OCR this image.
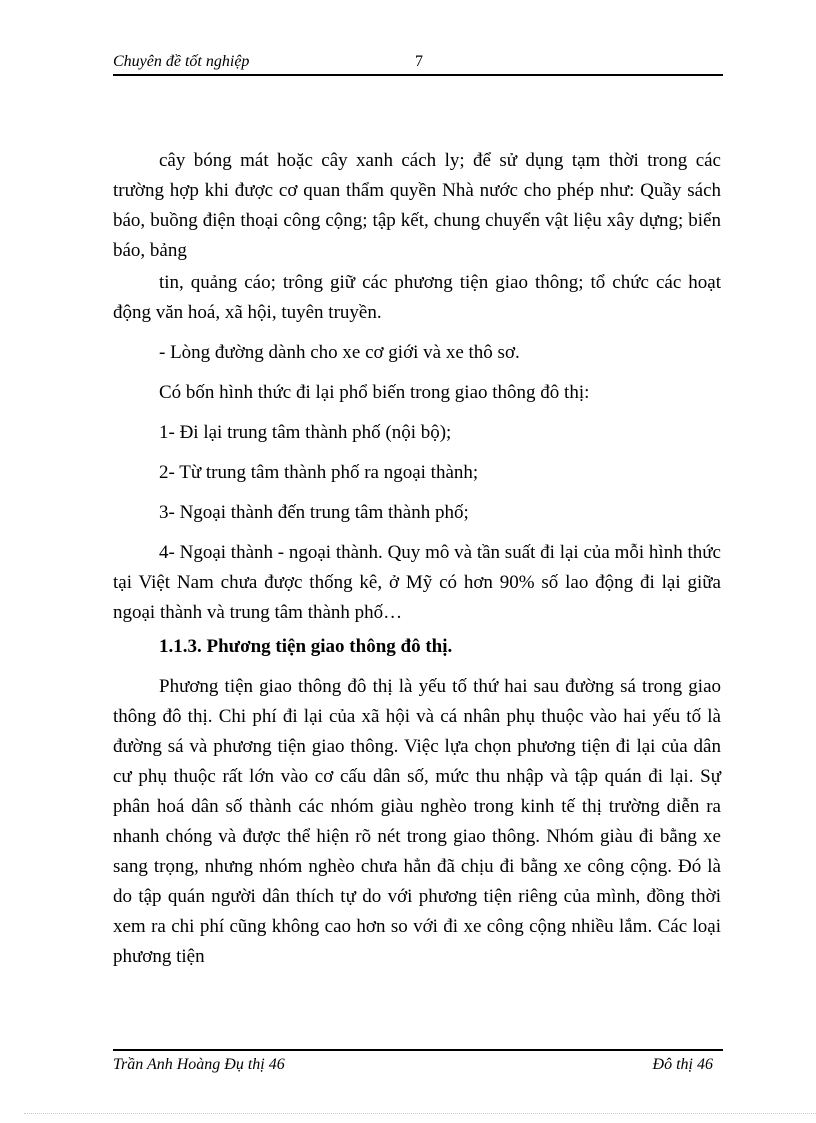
Chuyên đề tốt nghiệp	7

cây bóng mát hoặc cây xanh cách ly; để sử dụng tạm thời trong các trường hợp khi được cơ quan thẩm quyền Nhà nước cho phép như: Quầy sách báo, buồng điện thoại công cộng; tập kết, chung chuyển vật liệu xây dựng; biển báo, bảng

tin, quảng cáo; trông giữ các phương tiện giao thông; tổ chức các hoạt động văn hoá, xã hội, tuyên truyền.

- Lòng đường dành cho xe cơ giới và xe thô sơ.

Có bốn hình thức đi lại phổ biến trong giao thông đô thị:

1- Đi lại trung tâm thành phố (nội bộ);

2- Từ trung tâm thành phố ra ngoại thành;

3- Ngoại thành đến trung tâm thành phố;

4- Ngoại thành - ngoại thành. Quy mô và tần suất đi lại của mỗi hình thức tại Việt Nam chưa được thống kê, ở Mỹ có hơn 90% số lao động đi lại giữa ngoại thành và trung tâm thành phố…

1.1.3. Phương tiện giao thông đô thị.

Phương tiện giao thông đô thị là yếu tố thứ hai sau đường sá trong giao thông đô thị. Chi phí đi lại của xã hội và cá nhân phụ thuộc vào hai yếu tố là đường sá và phương tiện giao thông. Việc lựa chọn phương tiện đi lại của dân cư phụ thuộc rất lớn vào cơ cấu dân số, mức thu nhập và tập quán đi lại. Sự phân hoá dân số thành các nhóm giàu nghèo trong kinh tế thị trường diễn ra nhanh chóng và được thể hiện rõ nét trong giao thông. Nhóm giàu đi bằng xe sang trọng, nhưng nhóm nghèo chưa hẳn đã chịu đi bằng xe công cộng. Đó là do tập quán người dân thích tự do với phương tiện riêng của mình, đồng thời xem ra chi phí cũng không cao hơn so với đi xe công cộng nhiều lắm. Các loại phương tiện

Trần Anh Hoàng Đụ thị 46	Đô thị 46
